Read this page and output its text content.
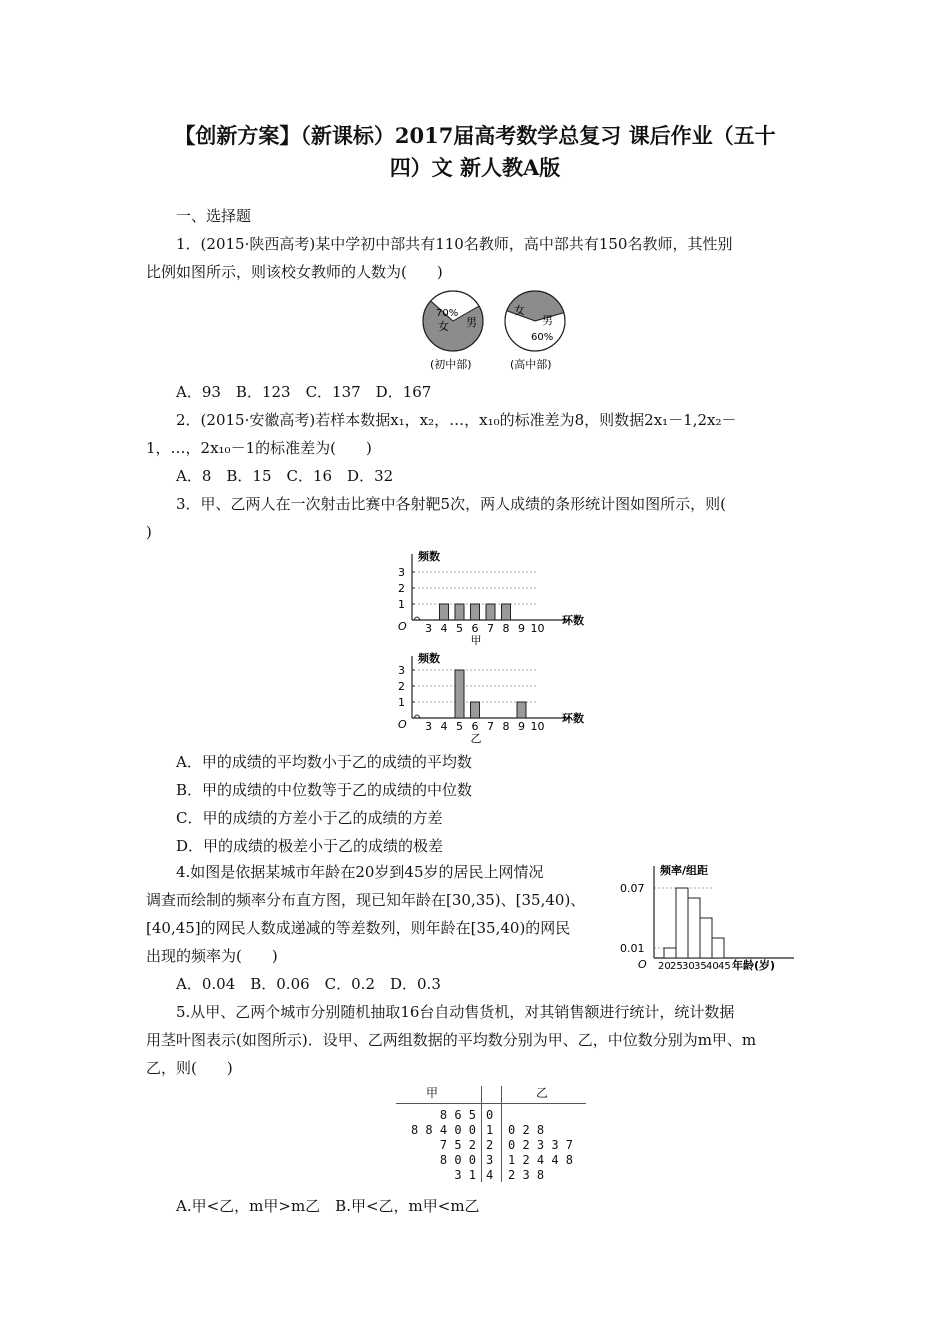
【创新方案】（新课标）2017届高考数学总复习 课后作业（五十
四）文 新人教A版
一、选择题
1．(2015·陕西高考)某中学初中部共有110名教师，高中部共有150名教师，其性别
比例如图所示，则该校女教师的人数为(　　)
70%
女 男
(初中部)
女
男
60%
(高中部)
A．93　B．123　C．137　D．167
2．(2015·安徽高考)若样本数据x₁，x₂，…，x₁₀的标准差为8，则数据2x₁－1,2x₂－
1，…，2x₁₀－1的标准差为(　　)
A．8　B．15　C．16　D．32
3．甲、乙两人在一次射击比赛中各射靶5次，两人成绩的条形统计图如图所示，则(
)
1
2
3
频数
O 3 4 5 6 7 8 9 10
环数
甲
1
2
3
频数
O 3 4 5 6 7 8 9 10
环数
乙
A．甲的成绩的平均数小于乙的成绩的平均数
B．甲的成绩的中位数等于乙的成绩的中位数
C．甲的成绩的方差小于乙的成绩的方差
D．甲的成绩的极差小于乙的成绩的极差
4.如图是依据某城市年龄在20岁到45岁的居民上网情况
调查而绘制的频率分布直方图，现已知年龄在[30,35)、[35,40)、
[40,45]的网民人数成递减的等差数列，则年龄在[35,40)的网民
出现的频率为(　　)
频率/组距
O
0.07
0.01
20 25 30 35 40 45 年龄(岁)
A．0.04　B．0.06　C．0.2　D．0.3
5.从甲、乙两个城市分别随机抽取16台自动售货机，对其销售额进行统计，统计数据
用茎叶图表示(如图所示)．设甲、乙两组数据的平均数分别为甲、乙，中位数分别为m甲、m
乙，则(　　)
甲	乙
8 6 5 0
8 8 4 0 0 1 0 2 8
7 5 2 2 0 2 3 3 7
8 0 0 3 1 2 4 4 8
3 1 4 2 3 8
A.甲<乙，m甲>m乙　B.甲<乙，m甲<m乙
